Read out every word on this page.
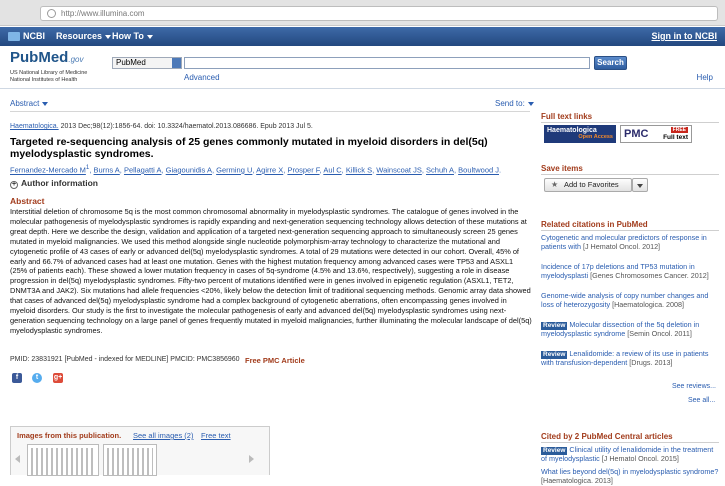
http://www.illumina.com
NCBI Resources	How To	Sign in to NCBI
PubMed.gov
US National Library of Medicine
National Institutes of Health
PubMed	Search
Advanced	Help
Abstract	Send to:
Haematologica. 2013 Dec;98(12):1856-64. doi: 10.3324/haematol.2013.086686. Epub 2013 Jul 5.
Targeted re-sequencing analysis of 25 genes commonly mutated in myeloid disorders in del(5q) myelodysplastic syndromes.
Fernandez-Mercado $M^1$, Burns A, Pellagatti A, Giagounidis A, Germing U, Agirre X, Prosper F, Aul C, Killick S, Wainscoat JS, Schuh A, Boultwood J.
+ Author information
Abstract
Interstitial deletion of chromosome 5q is the most common chromosomal abnormality in myelodysplastic syndromes. The catalogue of genes involved in the molecular pathogenesis of myelodysplastic syndromes is rapidly expanding and next-generation sequencing technology allows detection of these mutations at great depth. Here we describe the design, validation and application of a targeted next-generation sequencing approach to simultaneously screen 25 genes mutated in myeloid malignancies. We used this method alongside single nucleotide polymorphism-array technology to characterize the mutational and cytogenetic profile of 43 cases of early or advanced del(5q) myelodysplastic syndromes. A total of 29 mutations were detected in our cohort. Overall, 45% of early and 66.7% of advanced cases had at least one mutation. Genes with the highest mutation frequency among advanced cases were TP53 and ASXL1 (25% of patients each). These showed a lower mutation frequency in cases of 5q-syndrome (4.5% and 13.6%, respectively), suggesting a role in disease progression in del(5q) myelodysplastic syndromes. Fifty-two percent of mutations identified were in genes involved in epigenetic regulation (ASXL1, TET2, DNMT3A and JAK2). Six mutations had allele frequencies <20%, likely below the detection limit of traditional sequencing methods. Genomic array data showed that cases of advanced del(5q) myelodysplastic syndrome had a complex background of cytogenetic aberrations, often encompassing genes involved in myeloid disorders. Our study is the first to investigate the molecular pathogenesis of early and advanced del(5q) myelodysplastic syndromes using next-generation sequencing technology on a large panel of genes frequently mutated in myeloid malignancies, further illuminating the molecular landscape of del(5q) myelodysplastic syndromes.
PMID: 23831921 [PubMed - indexed for MEDLINE] PMCID: PMC3856960 Free PMC Article
f	t	g+
Images from this publication. See all images (2) Free text
Full text links
Haematologica
Open Access PMC	FREE
Full text
Save items
★ Add to Favorites
Related citations in PubMed
Cytogenetic and molecular predictors of response in patients with [J Hematol Oncol. 2012]
Incidence of 17p deletions and TP53 mutation in myelodysplasti [Genes Chromosomes Cancer. 2012]
Genome-wide analysis of copy number changes and loss of heterozygosity [Haematologica. 2008]
Review Molecular dissection of the 5q deletion in myelodysplastic syndrome [Semin Oncol. 2011]
Review Lenalidomide: a review of its use in patients with transfusion-dependent [Drugs. 2013]
See reviews...
See all...
Cited by 2 PubMed Central articles
Review Clinical utility of lenalidomide in the treatment of myelodysplastic [J Hematol Oncol. 2015]
What lies beyond del(5q) in myelodysplastic syndrome? [Haematologica. 2013]
